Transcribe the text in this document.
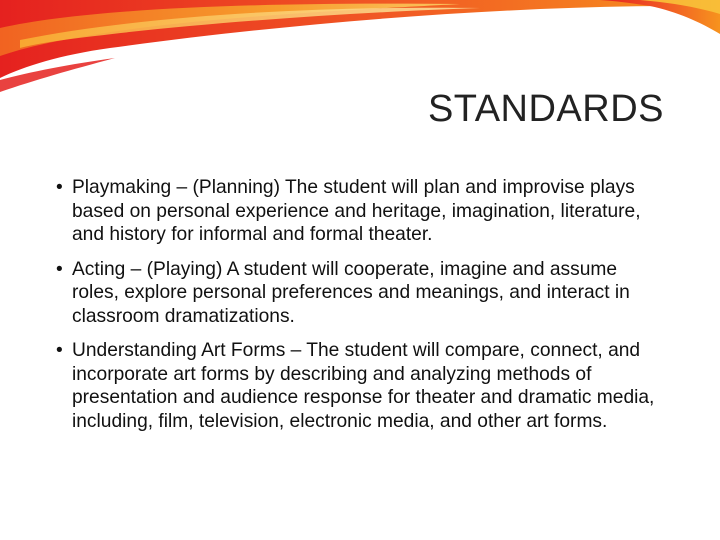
STANDARDS
• Playmaking – (Planning) The student will plan and improvise plays based on personal experience and heritage, imagination, literature, and history for informal and formal theater.
• Acting – (Playing) A student will cooperate, imagine and assume roles, explore personal preferences and meanings, and interact in classroom dramatizations.
• Understanding Art Forms – The student will compare, connect, and incorporate art forms by describing and analyzing methods of presentation and audience response for theater and dramatic media, including, film, television, electronic media, and other art forms.
